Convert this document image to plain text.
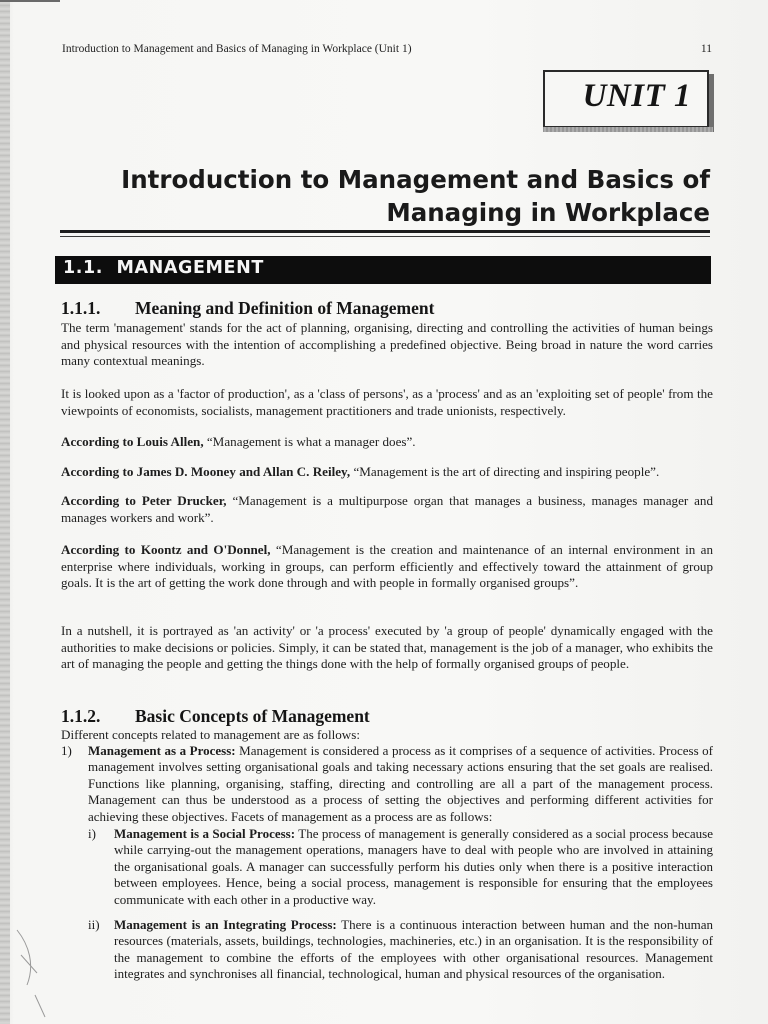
Introduction to Management and Basics of Managing in Workplace (Unit 1)	11
UNIT 1
Introduction to Management and Basics of
Managing in Workplace
1.1. MANAGEMENT
1.1.1. Meaning and Definition of Management
The term 'management' stands for the act of planning, organising, directing and controlling the activities of human beings and physical resources with the intention of accomplishing a predefined objective. Being broad in nature the word carries many contextual meanings.
It is looked upon as a 'factor of production', as a 'class of persons', as a 'process' and as an 'exploiting set of people' from the viewpoints of economists, socialists, management practitioners and trade unionists, respectively.
According to Louis Allen, “Management is what a manager does”.
According to James D. Mooney and Allan C. Reiley, “Management is the art of directing and inspiring people”.
According to Peter Drucker, “Management is a multipurpose organ that manages a business, manages manager and manages workers and work”.
According to Koontz and O'Donnel, “Management is the creation and maintenance of an internal environment in an enterprise where individuals, working in groups, can perform efficiently and effectively toward the attainment of group goals. It is the art of getting the work done through and with people in formally organised groups”.
In a nutshell, it is portrayed as 'an activity' or 'a process' executed by 'a group of people' dynamically engaged with the authorities to make decisions or policies. Simply, it can be stated that, management is the job of a manager, who exhibits the art of managing the people and getting the things done with the help of formally organised groups of people.
1.1.2. Basic Concepts of Management
Different concepts related to management are as follows:
1) Management as a Process: Management is considered a process as it comprises of a sequence of activities. Process of management involves setting organisational goals and taking necessary actions ensuring that the set goals are realised. Functions like planning, organising, staffing, directing and controlling are all a part of the management process. Management can thus be understood as a process of setting the objectives and performing different activities for achieving these objectives. Facets of management as a process are as follows:
i) Management is a Social Process: The process of management is generally considered as a social process because while carrying-out the management operations, managers have to deal with people who are involved in attaining the organisational goals. A manager can successfully perform his duties only when there is a positive interaction between employees. Hence, being a social process, management is responsible for ensuring that the employees communicate with each other in a productive way.
ii) Management is an Integrating Process: There is a continuous interaction between human and the non-human resources (materials, assets, buildings, technologies, machineries, etc.) in an organisation. It is the responsibility of the management to combine the efforts of the employees with other organisational resources. Management integrates and synchronises all financial, technological, human and physical resources of the organisation.
